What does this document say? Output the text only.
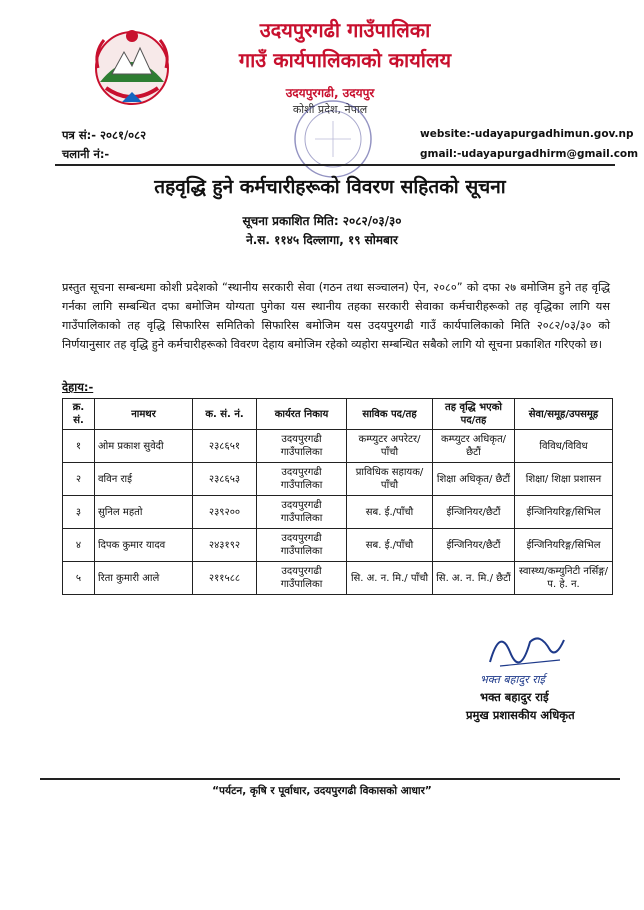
उदयपुरगढी गाउँपालिका
गाउँ कार्यपालिकाको कार्यालय
उदयपुरगढी, उदयपुर
कोशी प्रदेश, नेपाल
पत्र सं:- २०८१/०८२
चलानी नं:-
website:-udayapurgadhimun.gov.np
gmail:-udayapurgadhirm@gmail.com
तहवृद्धि हुने कर्मचारीहरूको विवरण सहितको सूचना
सूचना प्रकाशित मिति: २०८२/०३/३०
ने.स. ११४५ दिल्लागा, १९ सोमबार
प्रस्तुत सूचना सम्बन्धमा कोशी प्रदेशको “स्थानीय सरकारी सेवा (गठन तथा सञ्चालन) ऐन, २०८०” को दफा २७ बमोजिम हुने तह वृद्धि गर्नका लागि सम्बन्धित दफा बमोजिम योग्यता पुगेका यस स्थानीय तहका सरकारी सेवाका कर्मचारीहरूको तह वृद्धिका लागि यस गाउँपालिकाको तह वृद्धि सिफारिस समितिको सिफारिस बमोजिम यस उदयपुरगढी गाउँ कार्यपालिकाको मिति २०८२/०३/३० को निर्णयानुसार तह वृद्धि हुने कर्मचारीहरूको विवरण देहाय बमोजिम रहेको व्यहोरा सम्बन्धित सबैको लागि यो सूचना प्रकाशित गरिएको छ।
देहाय:-
क्र. सं.	नामथर	क. सं. नं.	कार्यरत निकाय	साविक पद/तह	तह वृद्धि भएको पद/तह	सेवा/समूह/उपसमूह
१	ओम प्रकाश सुवेदी	२३८६५१	उदयपुरगढी गाउँपालिका	कम्प्युटर अपरेटर/पाँचौ	कम्प्युटर अधिकृत/ छैटौं	विविध/विविध
२	वविन राई	२३८६५३	उदयपुरगढी गाउँपालिका	प्राविधिक सहायक/पाँचौ	शिक्षा अधिकृत/ छैटौं	शिक्षा/ शिक्षा प्रशासन
३	सुनिल महतो	२३९२००	उदयपुरगढी गाउँपालिका	सब. ई./पाँचौ	ईन्जिनियर/छैटौं	ईन्जिनियरिङ्ग/सिभिल
४	दिपक कुमार यादव	२४३१९२	उदयपुरगढी गाउँपालिका	सब. ई./पाँचौ	ईन्जिनियर/छैटौं	ईन्जिनियरिङ्ग/सिभिल
५	रिता कुमारी आले	२११५८८	उदयपुरगढी गाउँपालिका	सि. अ. न. मि./ पाँचौ	सि. अ. न. मि./ छैटौं	स्वास्थ्य/कम्युनिटी नर्सिङ्ग/प. हे. न.
भक्त बहादुर राई
भक्त बहादुर राई
प्रमुख प्रशासकीय अधिकृत
“पर्यटन, कृषि र पूर्वाधार, उदयपुरगढी विकासको आधार”
